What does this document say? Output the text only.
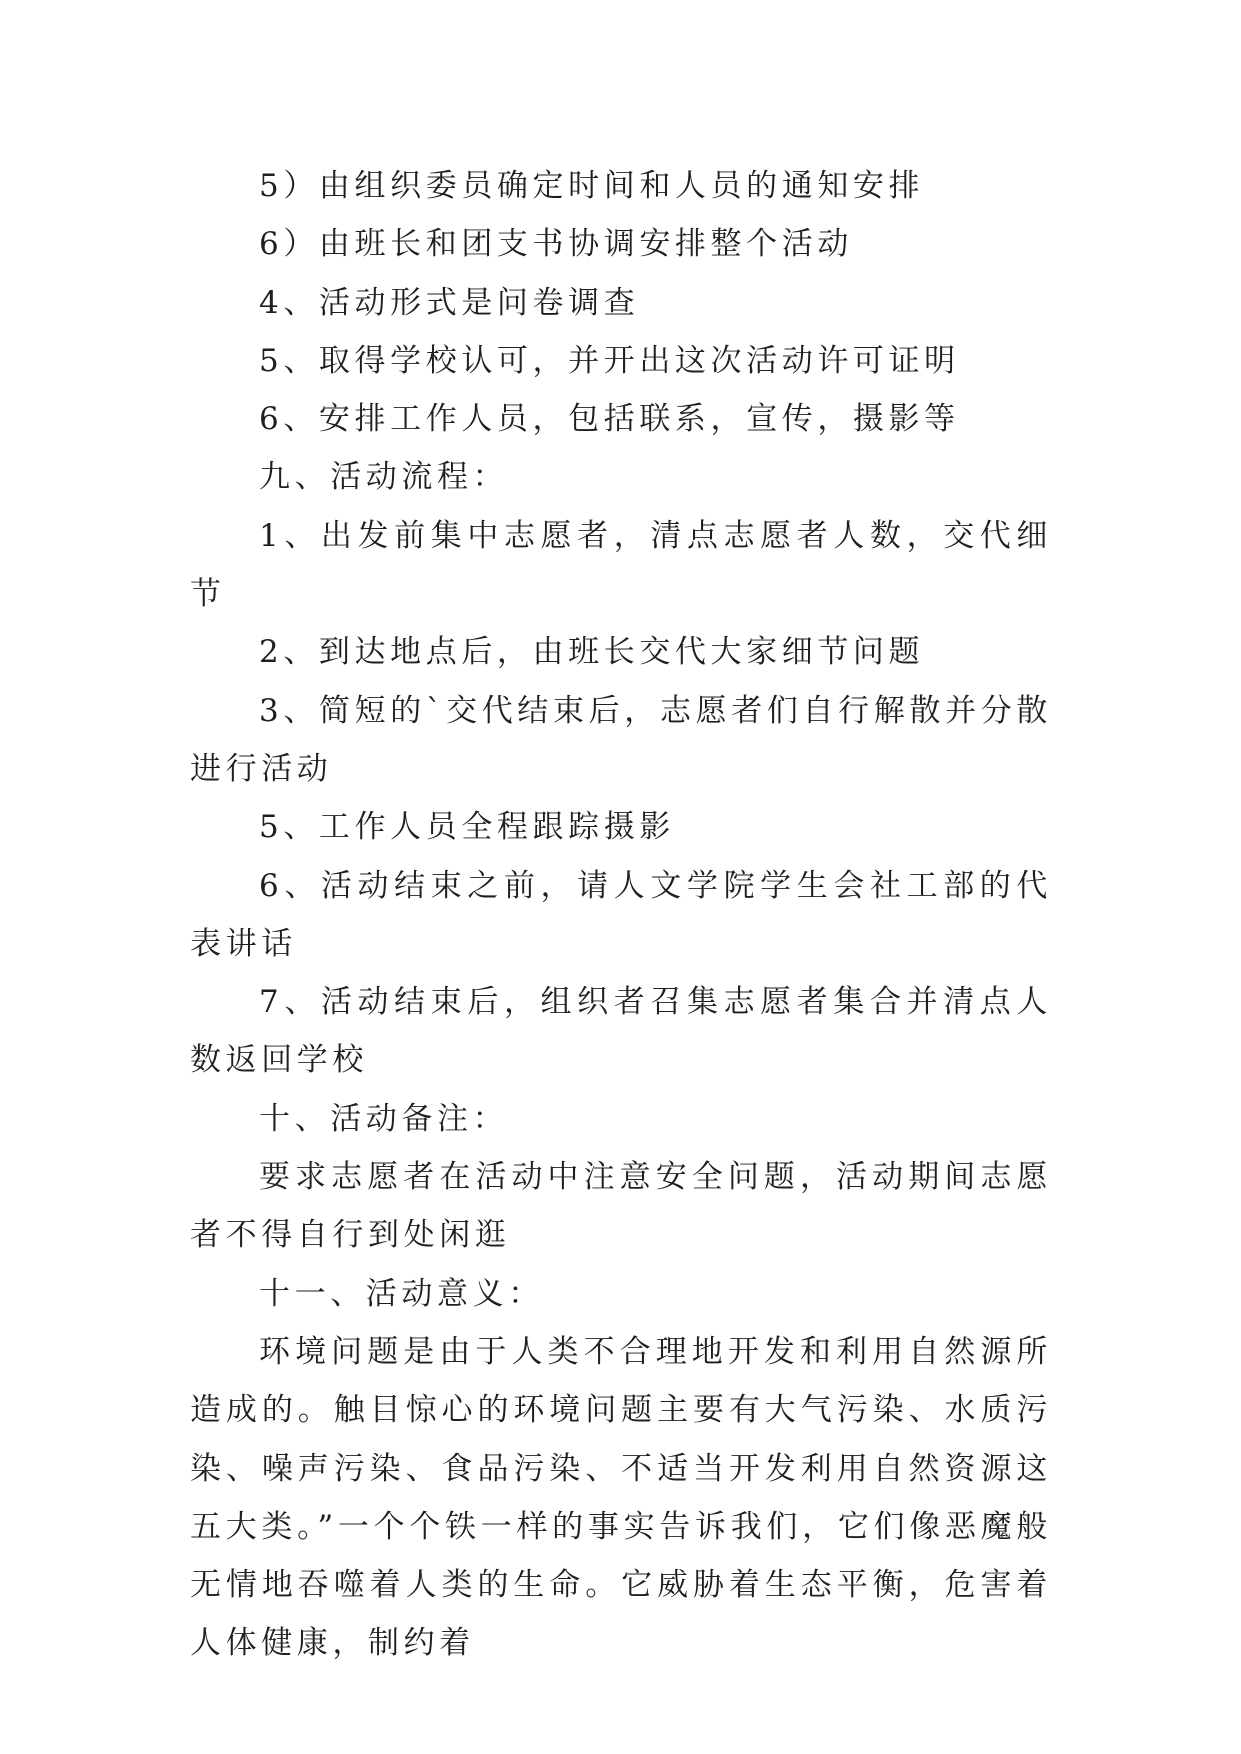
5）由组织委员确定时间和人员的通知安排

6）由班长和团支书协调安排整个活动

4、活动形式是问卷调查

5、取得学校认可，并开出这次活动许可证明

6、安排工作人员，包括联系，宣传，摄影等

九、活动流程：

1、出发前集中志愿者，清点志愿者人数，交代细节

2、到达地点后，由班长交代大家细节问题

3、简短的`交代结束后，志愿者们自行解散并分散进行活动

5、工作人员全程跟踪摄影

6、活动结束之前，请人文学院学生会社工部的代表讲话

7、活动结束后，组织者召集志愿者集合并清点人数返回学校

十、活动备注：

要求志愿者在活动中注意安全问题，活动期间志愿者不得自行到处闲逛

十一、活动意义：

环境问题是由于人类不合理地开发和利用自然源所造成的。触目惊心的环境问题主要有大气污染、水质污染、噪声污染、食品污染、不适当开发利用自然资源这五大类。”一个个铁一样的事实告诉我们，它们像恶魔般无情地吞噬着人类的生命。它威胁着生态平衡，危害着人体健康，制约着
